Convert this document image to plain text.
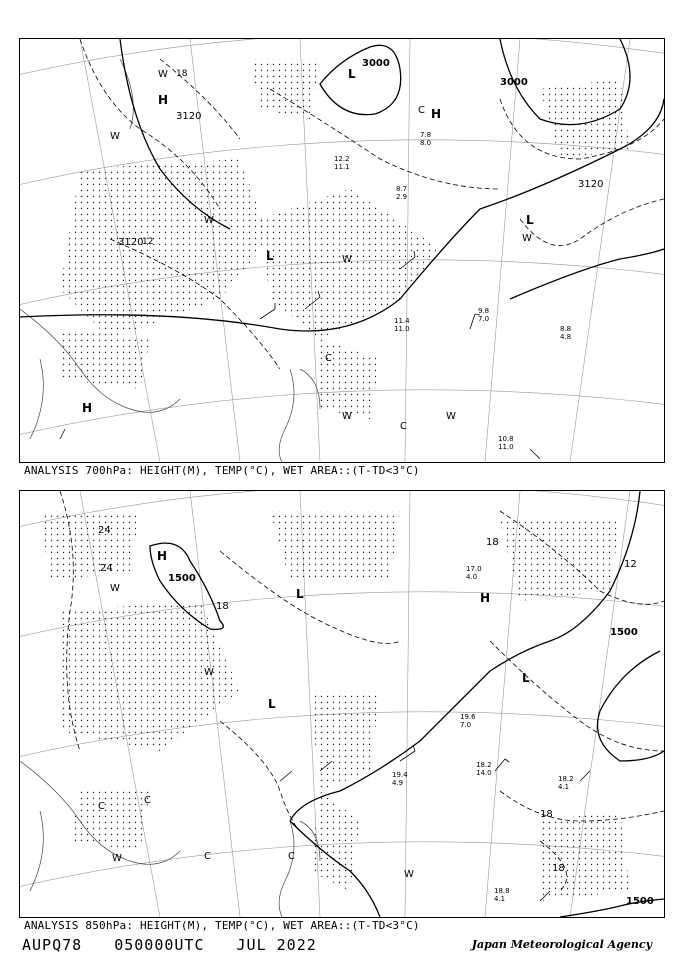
3000
3000
3120
3120
3120
H
H
L
L
L
H
W
W
W
W
W
C
C
C
W	W
18
12
10.8
11.0
9.8
7.0
8.8
4.8
11.4
11.0
7.8
8.0
12.2
11.1
8.7
2.9
ANALYSIS 700hPa: HEIGHT(M), TEMP(°C), WET AREA::(T-TD<3°C)
1500
1500
1500
H
H
L
L
L
W
W
W
C
C
C	C
W
24
24
18
18
18
12
18
18.8
4.1
18.2
4.1
18.2
14.0
19.4
4.9
19.6
7.0
17.0
4.0
ANALYSIS 850hPa: HEIGHT(M), TEMP(°C), WET AREA::(T-TD<3°C)
AUPQ78 050000UTC JUL 2022	Japan Meteorological Agency
